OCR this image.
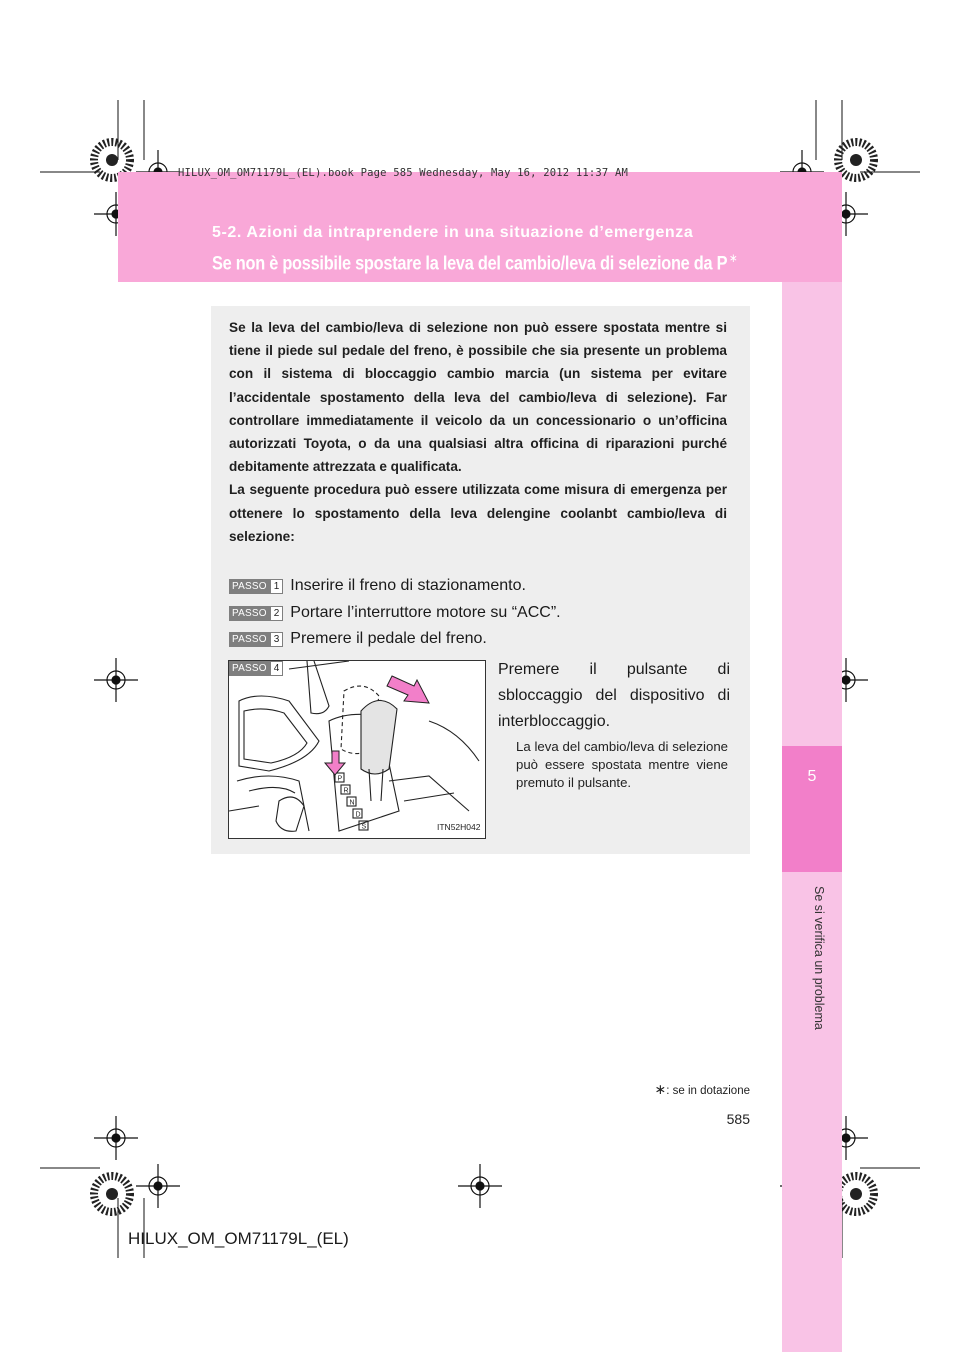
HILUX_OM_OM71179L_(EL).book Page 585 Wednesday, May 16, 2012 11:37 AM
5-2. Azioni da intraprendere in una situazione d’emergenza
Se non è possibile spostare la leva del cambio/leva di selezione da P ∗
5
Se si verifica un problema

Se la leva del cambio/leva di selezione non può essere spostata mentre si tiene il piede sul pedale del freno, è possibile che sia presente un problema con il sistema di bloccaggio cambio marcia (un sistema per evitare l’accidentale spostamento della leva del cambio/leva di selezione). Far controllare immediatamente il veicolo da un concessionario o un’officina autorizzati Toyota, o da una qualsiasi altra officina di riparazioni purché debitamente attrezzata e qualificata.

La seguente procedura può essere utilizzata come misura di emergenza per ottenere lo spostamento della leva delengine coolanbt cambio/leva di selezione:

PASSO 1 Inserire il freno di stazionamento.
PASSO 2 Portare l’interruttore motore su “ACC”.
PASSO 3 Premere il pedale del freno.
PASSO 4
P
R
N
D
S	ITN52H042

Premere il pulsante di sbloccaggio del dispositivo di interbloccaggio.

La leva del cambio/leva di selezione può essere spostata mentre viene premuto il pulsante.
∗: se in dotazione
585
HILUX_OM_OM71179L_(EL)
